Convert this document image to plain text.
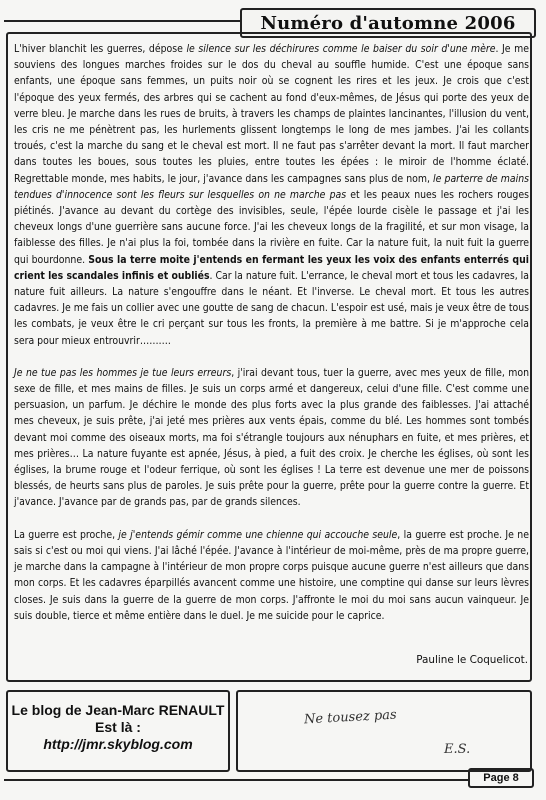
Numéro d'automne 2006

L'hiver blanchit les guerres, dépose le silence sur les déchirures comme le baiser du soir d'une mère. Je me souviens des longues marches froides sur le dos du cheval au souffle humide. C'est une époque sans enfants, une époque sans femmes, un puits noir où se cognent les rires et les jeux. Je crois que c'est l'époque des yeux fermés, des arbres qui se cachent au fond d'eux-mêmes, de Jésus qui porte des yeux de verre bleu. Je marche dans les rues de bruits, à travers les champs de plaintes lancinantes, l'illusion du vent, les cris ne me pénètrent pas, les hurlements glissent longtemps le long de mes jambes. J'ai les collants troués, c'est la marche du sang et le cheval est mort. Il ne faut pas s'arrêter devant la mort. Il faut marcher dans toutes les boues, sous toutes les pluies, entre toutes les épées : le miroir de l'homme éclaté. Regrettable monde, mes habits, le jour, j'avance dans les campagnes sans plus de nom, le parterre de mains tendues d'innocence sont les fleurs sur lesquelles on ne marche pas et les peaux nues les rochers rouges piétinés. J'avance au devant du cortège des invisibles, seule, l'épée lourde cisèle le passage et j'ai les cheveux longs d'une guerrière sans aucune force. J'ai les cheveux longs de la fragilité, et sur mon visage, la faiblesse des filles. Je n'ai plus la foi, tombée dans la rivière en fuite. Car la nature fuit, la nuit fuit la guerre qui bourdonne. Sous la terre moite j'entends en fermant les yeux les voix des enfants enterrés qui crient les scandales infinis et oubliés. Car la nature fuit. L'errance, le cheval mort et tous les cadavres, la nature fuit ailleurs. La nature s'engouffre dans le néant. Et l'inverse. Le cheval mort. Et tous les autres cadavres. Je me fais un collier avec une goutte de sang de chacun. L'espoir est usé, mais je veux être de tous les combats, je veux être le cri perçant sur tous les fronts, la première à me battre. Si je m'approche cela sera pour mieux entrouvrir……….

Je ne tue pas les hommes je tue leurs erreurs, j'irai devant tous, tuer la guerre, avec mes yeux de fille, mon sexe de fille, et mes mains de filles. Je suis un corps armé et dangereux, celui d'une fille. C'est comme une persuasion, un parfum. Je déchire le monde des plus forts avec la plus grande des faiblesses. J'ai attaché mes cheveux, je suis prête, j'ai jeté mes prières aux vents épais, comme du blé. Les hommes sont tombés devant moi comme des oiseaux morts, ma foi s'étrangle toujours aux nénuphars en fuite, et mes prières, et mes prières… La nature fuyante est apnée, Jésus, à pied, a fuit des croix. Je cherche les églises, où sont les églises, la brume rouge et l'odeur ferrique, où sont les églises ! La terre est devenue une mer de poissons blessés, de heurts sans plus de paroles. Je suis prête pour la guerre, prête pour la guerre contre la guerre. Et j'avance. J'avance par de grands pas, par de grands silences.

La guerre est proche, je j'entends gémir comme une chienne qui accouche seule, la guerre est proche. Je ne sais si c'est ou moi qui viens. J'ai lâché l'épée. J'avance à l'intérieur de moi-même, près de ma propre guerre, je marche dans la campagne à l'intérieur de mon propre corps puisque aucune guerre n'est ailleurs que dans mon corps. Et les cadavres éparpillés avancent comme une histoire, une comptine qui danse sur leurs lèvres closes. Je suis dans la guerre de la guerre de mon corps. J'affronte le moi du moi sans aucun vainqueur. Je suis double, tierce et même entière dans le duel. Je me suicide pour le caprice.

Pauline le Coquelicot.
Le blog de Jean-Marc RENAULT
Est là :
http://jmr.skyblog.com
Ne tousez pas
E.S.
Page 8
